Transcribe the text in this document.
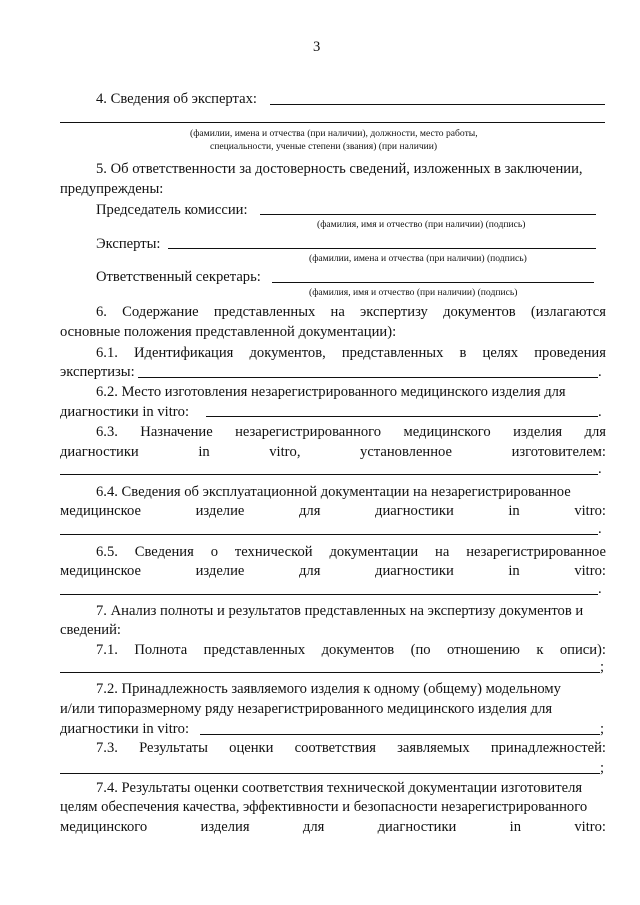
3
4. Сведения об экспертах:
(фамилии, имена и отчества (при наличии), должности, место работы,
специальности, ученые степени (звания) (при наличии)
5. Об ответственности за достоверность сведений, изложенных в заключении,
предупреждены:
Председатель комиссии:
(фамилия, имя и отчество (при наличии) (подпись)
Эксперты:
(фамилии, имена и отчества (при наличии) (подпись)
Ответственный секретарь:
(фамилия, имя и отчество (при наличии) (подпись)
6. Содержание представленных на экспертизу документов (излагаются
основные положения представленной документации):
6.1. Идентификация документов, представленных в целях проведения
экспертизы:	.
6.2. Место изготовления незарегистрированного медицинского изделия для
диагностики in vitro:	.
6.3. Назначение незарегистрированного медицинского изделия для
диагностики	in	vitro,	установленное	изготовителем:
.
6.4. Сведения об эксплуатационной документации на незарегистрированное
медицинское	изделие	для	диагностики	in	vitro:
.
6.5. Сведения о технической документации на незарегистрированное
медицинское	изделие	для	диагностики	in	vitro:
.
7. Анализ полноты и результатов представленных на экспертизу документов и
сведений:
7.1. Полнота представленных документов (по отношению к описи):
;
7.2. Принадлежность заявляемого изделия к одному (общему) модельному
и/или типоразмерному ряду незарегистрированного медицинского изделия для
диагностики in vitro:	;
7.3. Результаты оценки соответствия заявляемых принадлежностей:
;
7.4. Результаты оценки соответствия технической документации изготовителя
целям обеспечения качества, эффективности и безопасности незарегистрированного
медицинского	изделия	для	диагностики	in	vitro:
